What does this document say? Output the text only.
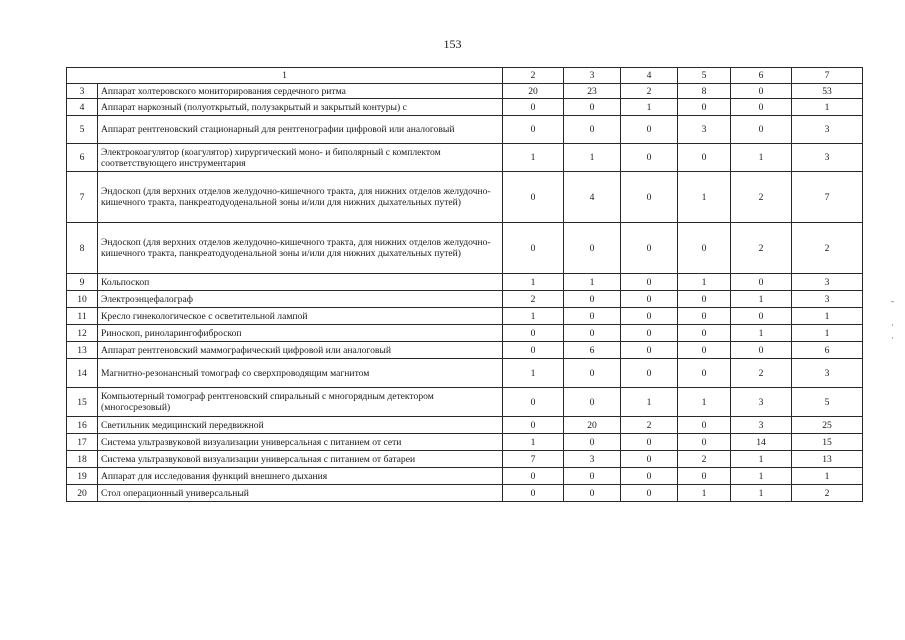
153
1		2	3	4	5	6	7
3	Аппарат холтеровского мониторирования сердечного ритма	20	23	2	8	0	53
4	Аппарат наркозный (полуоткрытый, полузакрытый и закрытый контуры) с	0	0	1	0	0	1
5	Аппарат рентгеновский стационарный для рентгенографии цифровой или аналоговый	0	0	0	3	0	3
6	Электрокоагулятор (коагулятор) хирургический моно- и биполярный с комплектом соответствующего инструментария	1	1	0	0	1	3
7	Эндоскоп (для верхних отделов желудочно-кишечного тракта, для нижних отделов желудочно-кишечного тракта, панкреатодуоденальной зоны и/или для нижних дыхательных путей)	0	4	0	1	2	7
8	Эндоскоп (для верхних отделов желудочно-кишечного тракта, для нижних отделов желудочно-кишечного тракта, панкреатодуоденальной зоны и/или для нижних дыхательных путей)	0	0	0	0	2	2
9	Кольпоскоп	1	1	0	1	0	3
10	Электроэнцефалограф	2	0	0	0	1	3
11	Кресло гинекологическое с осветительной лампой	1	0	0	0	0	1
12	Риноскоп, риноларингофиброскоп	0	0	0	0	1	1
13	Аппарат рентгеновский маммографический цифровой или аналоговый	0	6	0	0	0	6
14	Магнитно-резонансный томограф со сверхпроводящим магнитом	1	0	0	0	2	3
15	Компьютерный томограф рентгеновский спиральный с многорядным детектором (многосрезовый)	0	0	1	1	3	5
16	Светильник медицинский передвижной	0	20	2	0	3	25
17	Система ультразвуковой визуализации универсальная с питанием от сети	1	0	0	0	14	15
18	Система ультразвуковой визуализации универсальная с питанием от батареи	7	3	0	2	1	13
19	Аппарат для исследования функций внешнего дыхания	0	0	0	0	1	1
20	Стол операционный универсальный	0	0	0	1	1	2
-
·
·
